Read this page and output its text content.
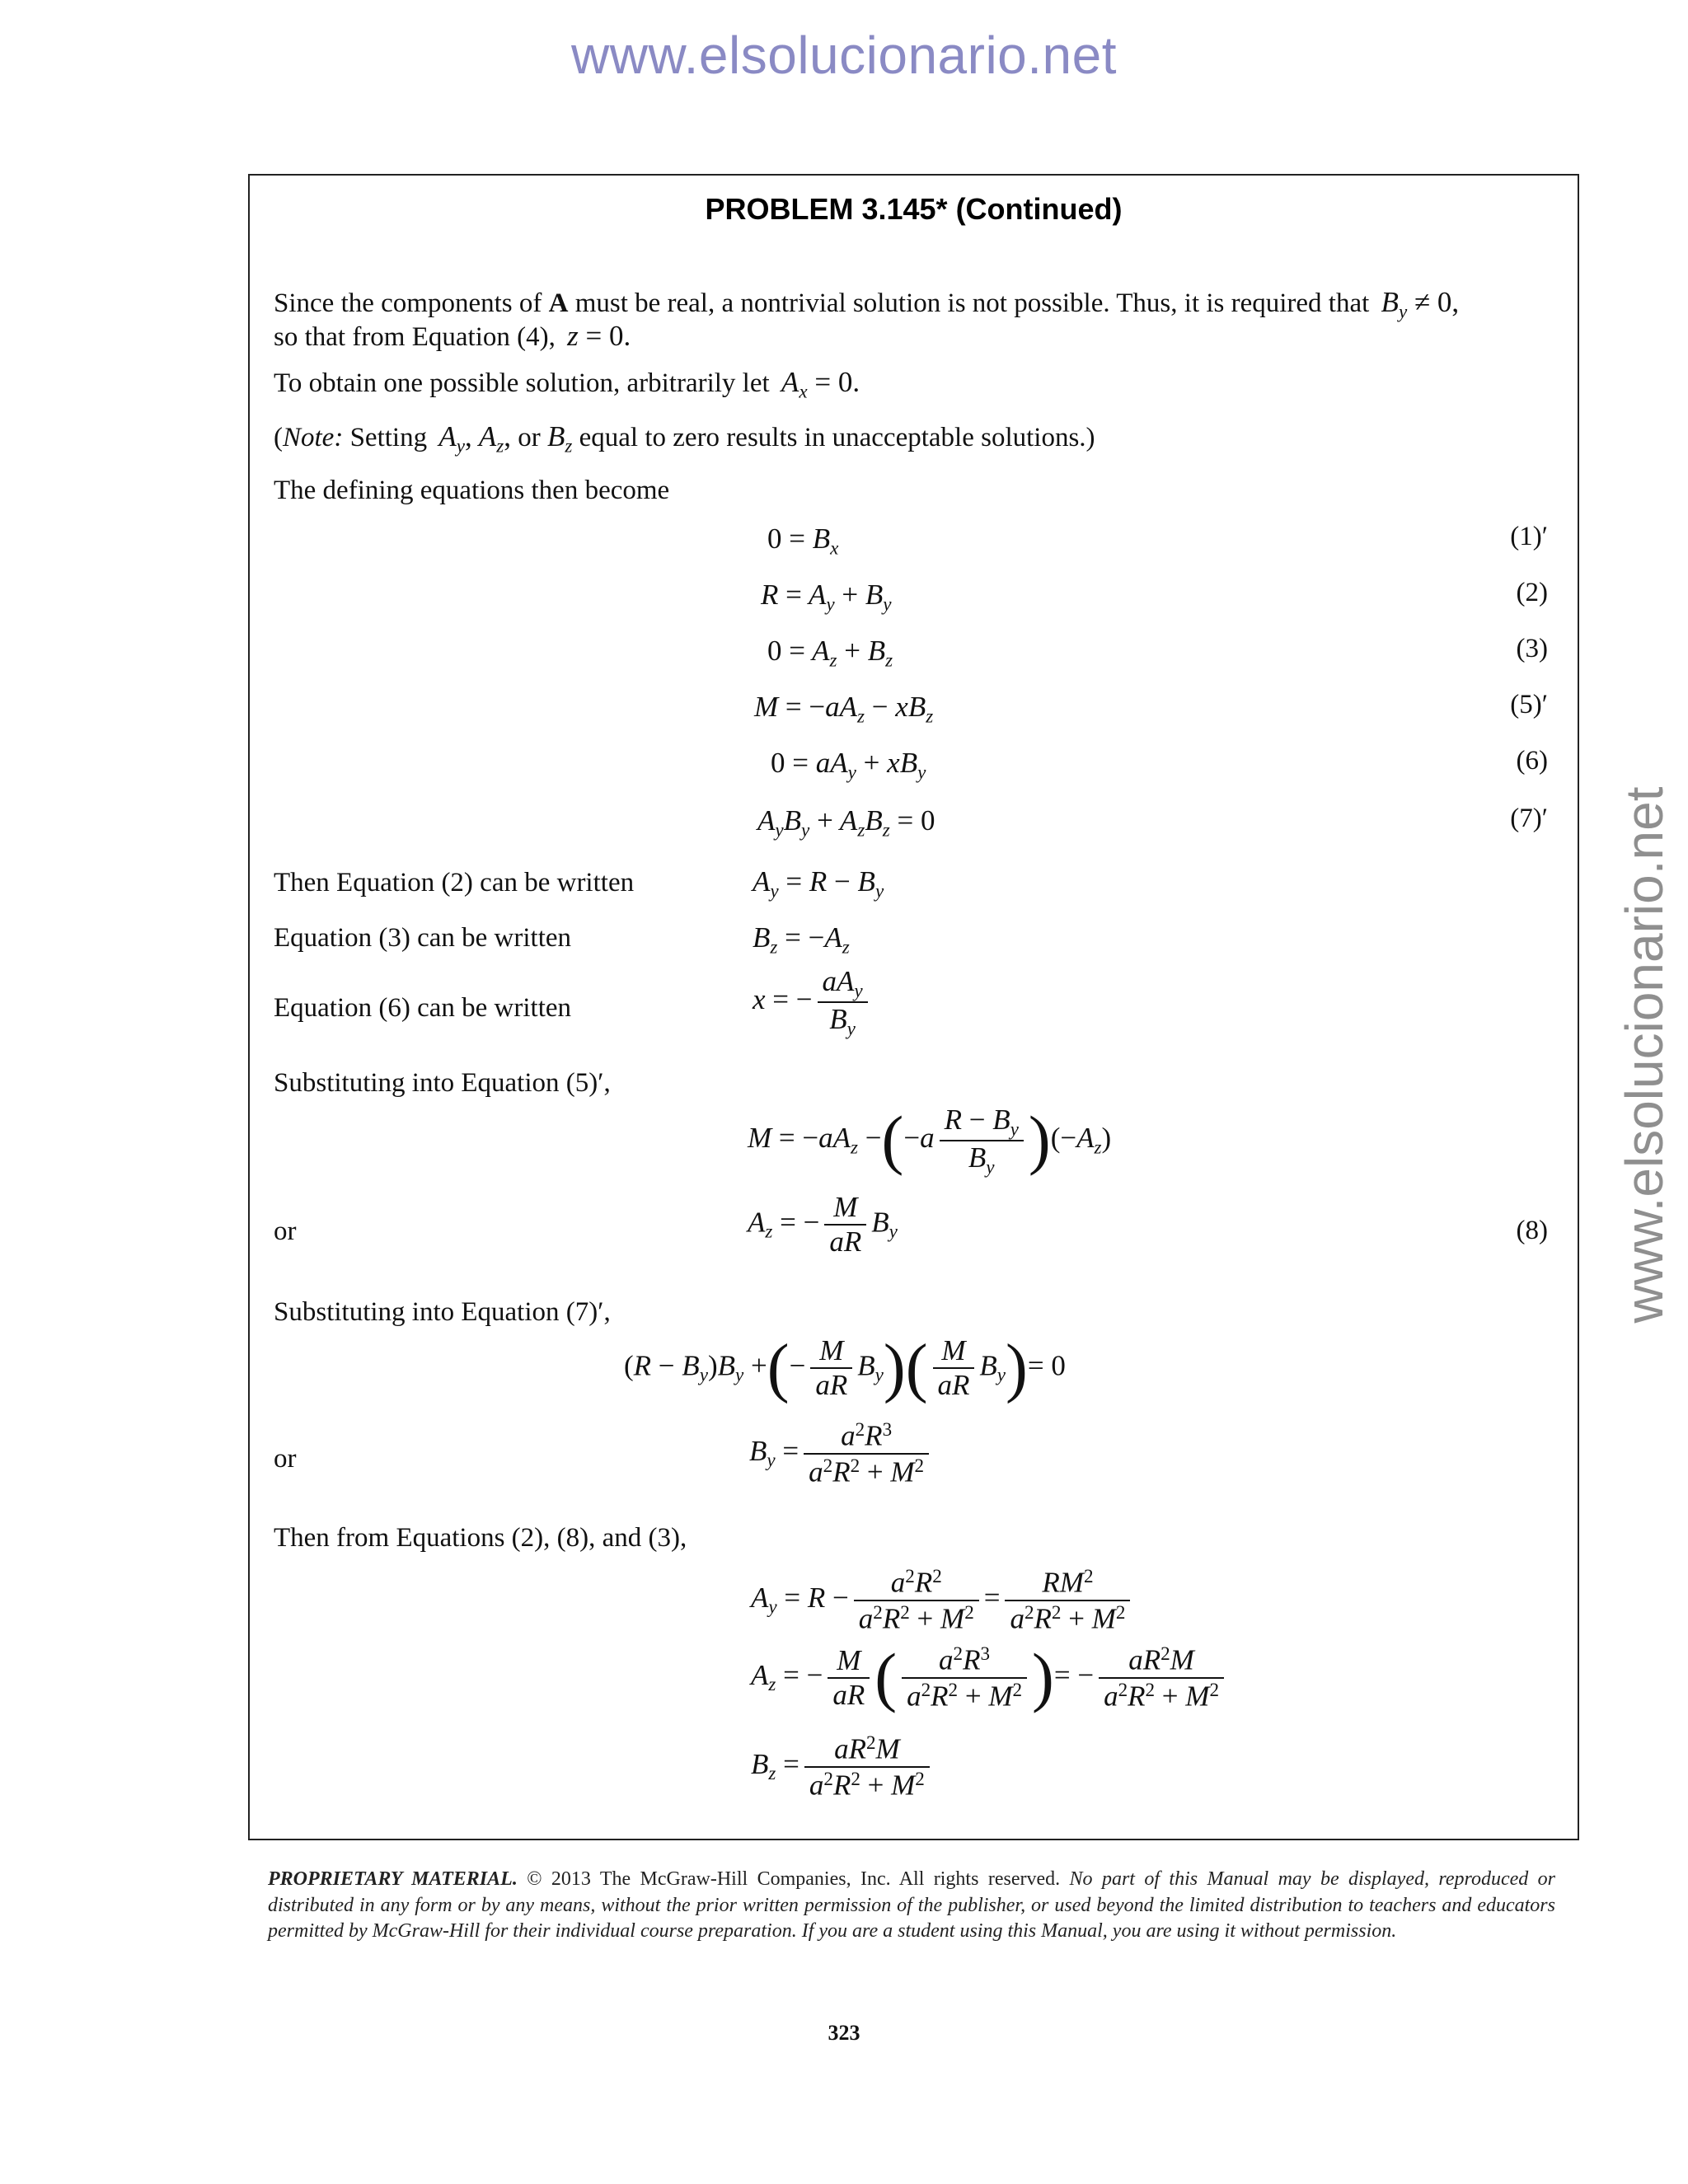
www.elsolucionario.net
www.elsolucionario.net
PROBLEM 3.145* (Continued)
Since the components of A must be real, a nontrivial solution is not possible. Thus, it is required that $B_y \ne 0$,
so that from Equation (4), z = 0.
To obtain one possible solution, arbitrarily let $A_x = 0$.
(Note: Setting $A_y$, $A_z$, or $B_z$ equal to zero results in unacceptable solutions.)
The defining equations then become
$0 = B_x$	(1)′
$R = A_y + B_y$	(2)
$0 = A_z + B_z$	(3)
$M = -aA_z - xB_z$	(5)′
$0 = aA_y + xB_y$	(6)
$A_yB_y + A_zB_z = 0$	(7)′
Then Equation (2) can be written	$A_y = R - B_y$
Equation (3) can be written	$B_z = -A_z$
Equation (6) can be written	x = − $\frac{aA_y}{B_y}$
Substituting into Equation (5)′,
$M = -aA_z -(-a \frac{R - B_y}{B_y} )(-A_z)$
or	$A_z$ = − $\frac{M}{aR} B_y$	(8)
Substituting into Equation (7)′,
$(R - B_y)B_y$ +(− $\frac{M}{aR} B_y)( \frac{M}{aR} B_y)= 0$
or	$B_y = \frac{a^2R^3}{a^2R^2 + M^2}$
Then from Equations (2), (8), and (3),
$A_y = R - \frac{a^2R^2}{a^2R^2 + M^2} = \frac{RM^2}{a^2R^2 + M^2}$
$A_z$ = − $\frac{M}{aR}$ ( $\frac{a^2R^3}{a^2R^2 + M^2}$ )= − $\frac{aR^2M}{a^2R^2 + M^2}$
$B_z = \frac{aR^2M}{a^2R^2 + M^2}$
PROPRIETARY MATERIAL. © 2013 The McGraw-Hill Companies, Inc. All rights reserved. No part of this Manual may be displayed, reproduced or distributed in any form or by any means, without the prior written permission of the publisher, or used beyond the limited distribution to teachers and educators permitted by McGraw-Hill for their individual course preparation. If you are a student using this Manual, you are using it without permission.
323
